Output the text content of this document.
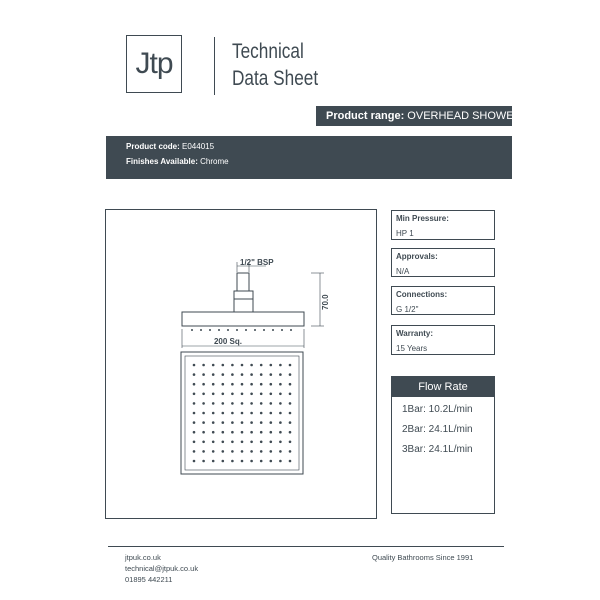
Jtp	Technical
Data Sheet
Product range: OVERHEAD SHOWER
Product code: E044015
Finishes Available: Chrome
1/2" BSP
70.0
200 Sq.
Min Pressure:
HP 1
Approvals:
N/A
Connections:
G 1/2"
Warranty:
15 Years
Flow Rate
1Bar: 10.2L/min
2Bar: 24.1L/min
3Bar: 24.1L/min
jtpuk.co.uk
technical@jtpuk.co.uk
01895 442211
Quality Bathrooms Since 1991
